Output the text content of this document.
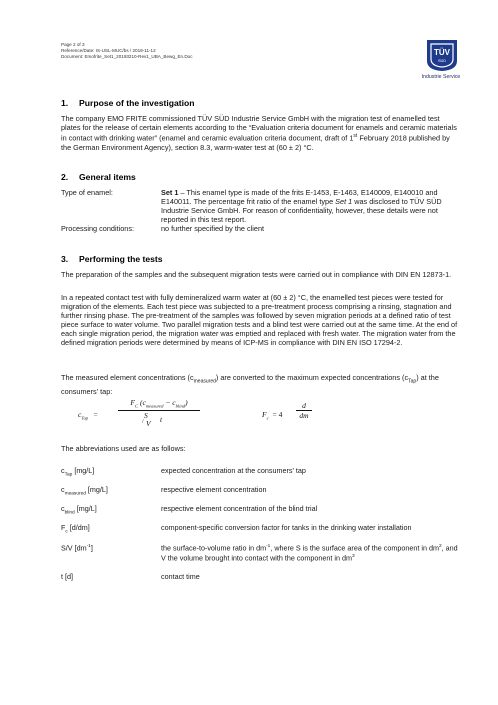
Page 2 of 3
Reference/Date: IS-USL-MUC/bs / 2019-11-12
Document: Emofrite_Set1_20193210-Rev1_UBA_Bewg_En.Doc	TÜV
SÜD
Industrie Service
1. Purpose of the investigation

The company EMO FRITE commissioned TÜV SÜD Industrie Service GmbH with the migration test of enamelled test plates for the release of certain elements according to the “Evaluation criteria document for enamels and ceramic materials in contact with drinking water” (enamel and ceramic evaluation criteria document, draft of 1st February 2018 published by the German Environment Agency), section 8.3, warm-water test at (60 ± 2) °C.

2. General items
Type of enamel:	Set 1 – This enamel type is made of the frits E-1453, E-1463, E140009, E140010 and E140011. The percentage frit ratio of the enamel type Set 1 was disclosed to TÜV SÜD Industrie Service GmbH. For reason of confidentiality, however, these details were not reported in this test report.
Processing conditions:	no further specified by the client
3. Performing the tests

The preparation of the samples and the subsequent migration tests were carried out in compliance with DIN EN 12873-1.

In a repeated contact test with fully demineralized warm water at (60 ± 2) °C, the enamelled test pieces were tested for migration of the elements. Each test piece was subjected to a pre-treatment process comprising a rinsing, stagnation and further rinsing phase. The pre-treatment of the samples was followed by seven migration periods at a defined ratio of test piece surface to water volume. Two parallel migration tests and a blind test were carried out at the same time. At the end of each single migration period, the migration water was emptied and replaced with fresh water. The migration water from the defined migration periods were determined by means of ICP-MS in compliance with DIN EN ISO 17294-2.

The measured element concentrations $(c_{measured})$ are converted to the maximum expected concentrations $(c_{Tap})$ at the consumers' tap:

$c_{Tap}$ =
$F_C$ $(c_{measured} - c_{blind})$
S
/ V t	$F_c = 4$
d
dm

The abbreviations used are as follows:

$c_{Tap}$ [mg/L]	expected concentration at the consumers' tap
$c_{measured}$ [mg/L]	respective element concentration
$c_{blind}$ [mg/L]	respective element concentration of the blind trial
$F_c$ [d/dm]	component-specific conversion factor for tanks in the drinking water installation
S/V $[dm^{-1}]$	the surface-to-volume ratio in $dm^{-1}$, where S is the surface area of the component in $dm^2$, and V the volume brought into contact with the component in $dm^3$
t [d]	contact time
